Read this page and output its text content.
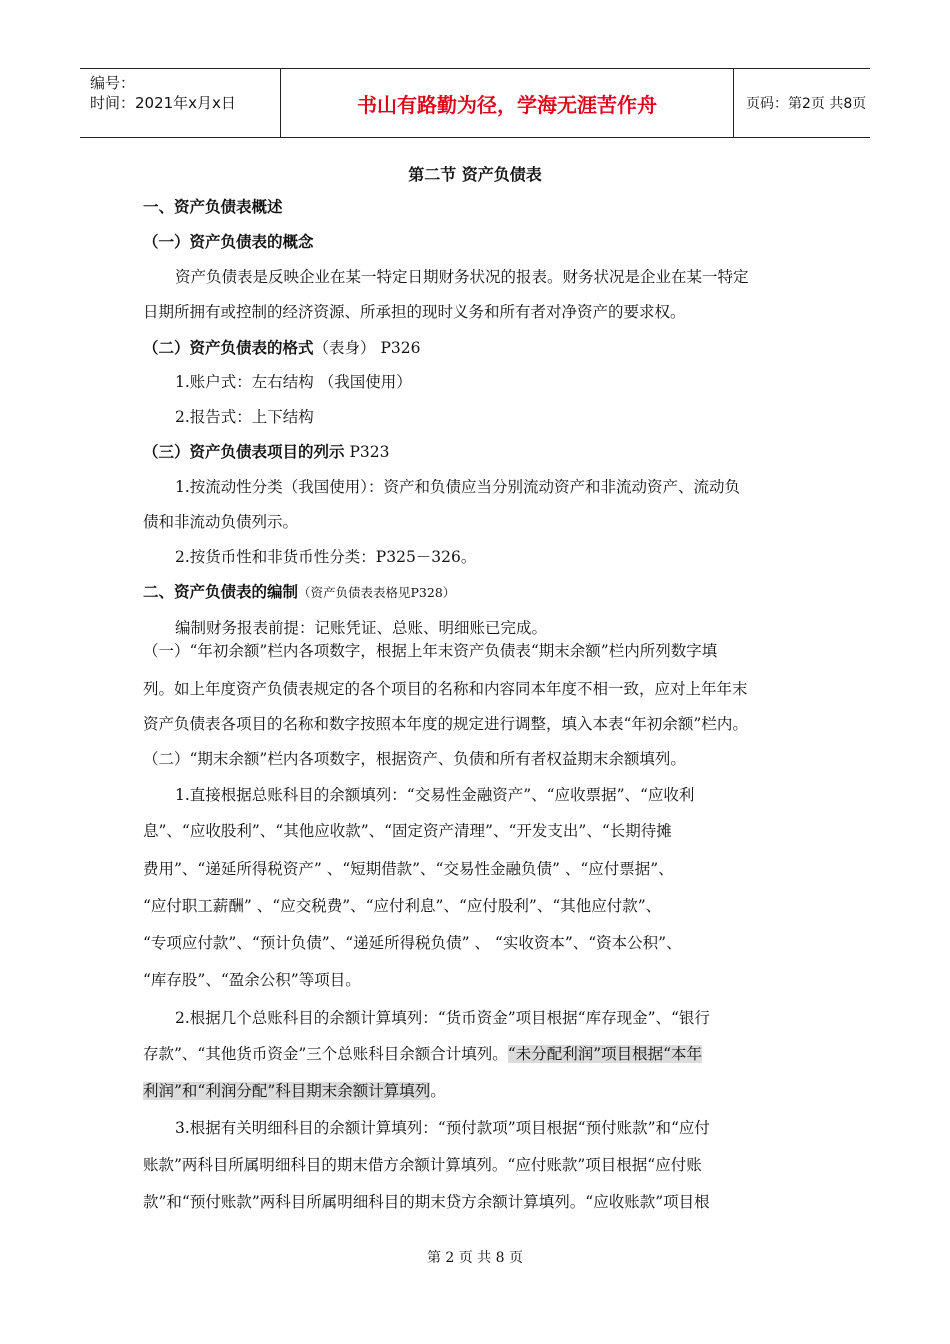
编号：
时间：2021年x月x日	书山有路勤为径，学海无涯苦作舟	页码：第2页 共8页
第二节 资产负债表
一、资产负债表概述
（一）资产负债表的概念
资产负债表是反映企业在某一特定日期财务状况的报表。财务状况是企业在某一特定
日期所拥有或控制的经济资源、所承担的现时义务和所有者对净资产的要求权。
（二）资产负债表的格式（表身） P326
1.账户式：左右结构 （我国使用）
2.报告式：上下结构
（三）资产负债表项目的列示 P323
1.按流动性分类（我国使用）：资产和负债应当分别流动资产和非流动资产、流动负
债和非流动负债列示。
2.按货币性和非货币性分类：P325－326。
二、资产负债表的编制（资产负债表表格见P328）
编制财务报表前提：记账凭证、总账、明细账已完成。
（一）“年初余额”栏内各项数字，根据上年末资产负债表“期末余额”栏内所列数字填
列。如上年度资产负债表规定的各个项目的名称和内容同本年度不相一致，应对上年年末
资产负债表各项目的名称和数字按照本年度的规定进行调整，填入本表“年初余额”栏内。
（二）“期末余额”栏内各项数字，根据资产、负债和所有者权益期末余额填列。
1.直接根据总账科目的余额填列：“交易性金融资产”、“应收票据”、“应收利
息”、“应收股利”、“其他应收款”、“固定资产清理”、“开发支出”、“长期待摊
费用”、“递延所得税资产” 、“短期借款”、“交易性金融负债” 、“应付票据”、
“应付职工薪酬” 、“应交税费”、“应付利息”、“应付股利”、“其他应付款”、
“专项应付款”、“预计负债”、“递延所得税负债” 、 “实收资本”、“资本公积”、
“库存股”、“盈余公积”等项目。
2.根据几个总账科目的余额计算填列：“货币资金”项目根据“库存现金”、“银行
存款”、“其他货币资金”三个总账科目余额合计填列。“未分配利润”项目根据“本年
利润”和“利润分配”科目期末余额计算填列。
3.根据有关明细科目的余额计算填列：“预付款项”项目根据“预付账款”和“应付
账款”两科目所属明细科目的期末借方余额计算填列。“应付账款”项目根据“应付账
款”和“预付账款”两科目所属明细科目的期末贷方余额计算填列。“应收账款”项目根
第 2 页 共 8 页
